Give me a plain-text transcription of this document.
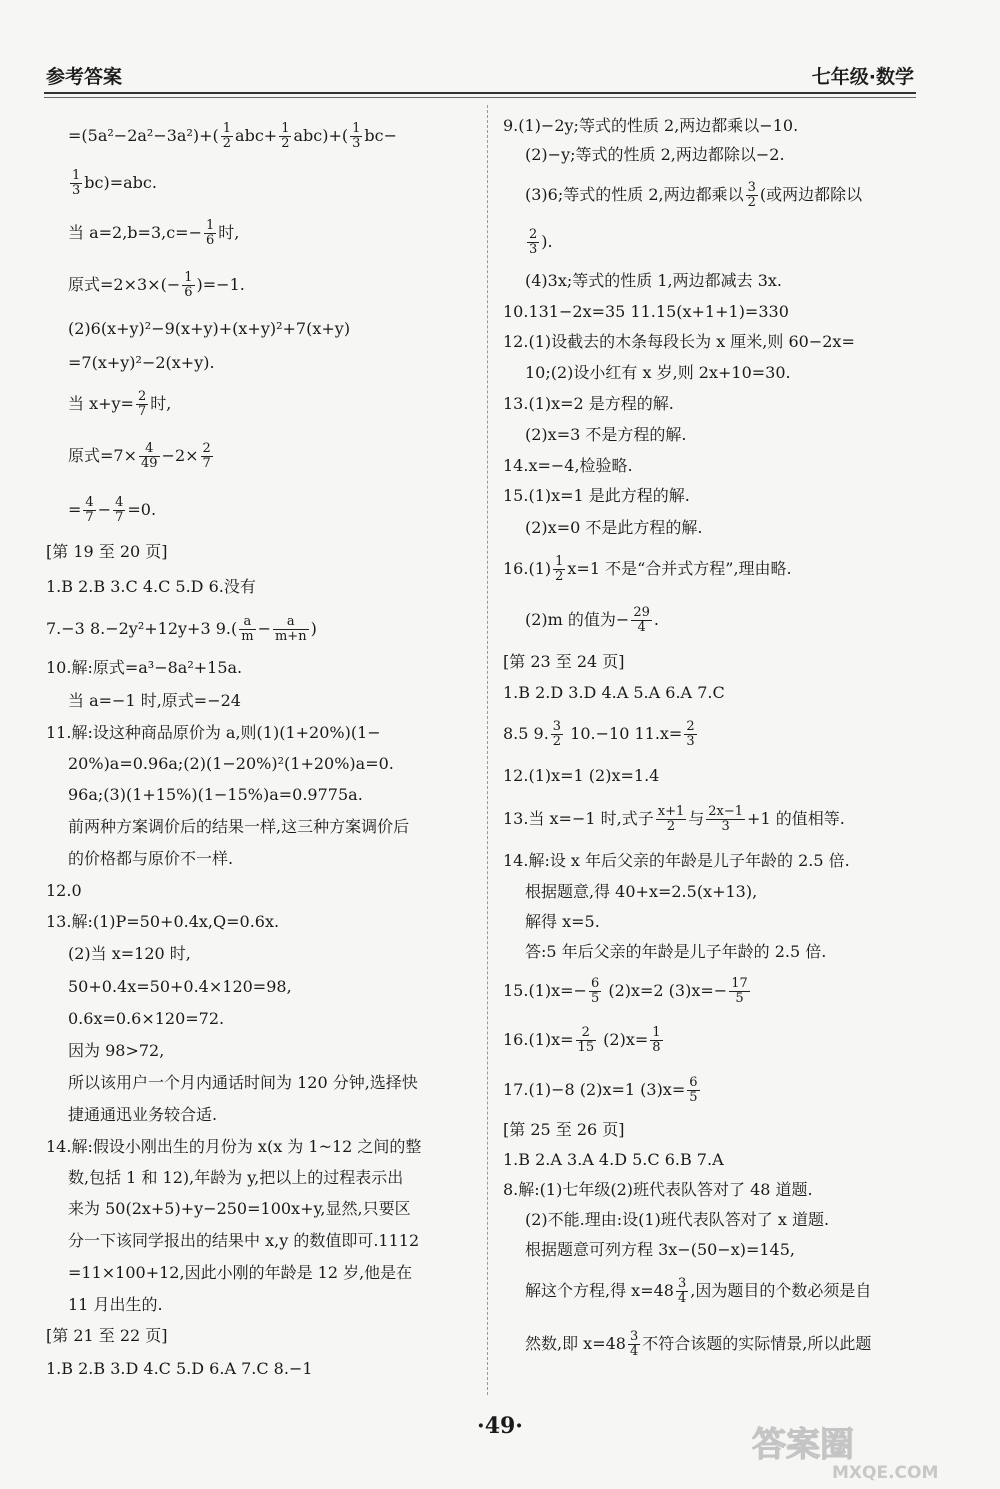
参考答案	七年级·数学

$=(5a^2-2a^2-3a^2)+( \frac{1}{2} abc+ \frac{1}{2} abc)+( \frac{1}{3} bc-$

$\frac{1}{3} bc)=abc$.

当 $a=2,b=3,c=- \frac{1}{6}$ 时,

原式$=2\times 3\times(- \frac{1}{6} )=-1$.

(2)6(x+y)²−9(x+y)+(x+y)²+7(x+y)

=7(x+y)²−2(x+y).

当 $x+y= \frac{2}{7}$ 时,

原式$=7\times \frac{4}{49} -2\times \frac{2}{7}$

= $\frac{4}{7} - \frac{4}{7} =0$.

[第 19 至 20 页]

1.B 2.B 3.C 4.C 5.D 6.没有

7.−3 8.−2y²+12y+3 $9.( \frac{a}{m} - \frac{a}{m+n}$ )

10.解:原式=a³−8a²+15a.

当 a=−1 时,原式=−24

11.解:设这种商品原价为 a,则(1)(1+20%)(1−

20%)a=0.96a;(2)(1−20%)²(1+20%)a=0.

96a;(3)(1+15%)(1−15%)a=0.9775a.

前两种方案调价后的结果一样,这三种方案调价后

的价格都与原价不一样.

12.0

13.解:(1)P=50+0.4x,Q=0.6x.

(2)当 x=120 时,

50+0.4x=50+0.4×120=98,

0.6x=0.6×120=72.

因为 98>72,

所以该用户一个月内通话时间为 120 分钟,选择快

捷通通迅业务较合适.

14.解:假设小刚出生的月份为 x(x 为 1~12 之间的整

数,包括 1 和 12),年龄为 y,把以上的过程表示出

来为 50(2x+5)+y−250=100x+y,显然,只要区

分一下该同学报出的结果中 x,y 的数值即可.1112

=11×100+12,因此小刚的年龄是 12 岁,他是在

11 月出生的.

[第 21 至 22 页]

1.B 2.B 3.D 4.C 5.D 6.A 7.C 8.−1

9.(1)−2y;等式的性质 2,两边都乘以−10.

(2)−y;等式的性质 2,两边都除以−2.

(3)6;等式的性质 2,两边都乘以 $\frac{3}{2}$ (或两边都除以

$\frac{2}{3}$ ).

(4)3x;等式的性质 1,两边都减去 3x.

10.131−2x=35 11.15(x+1+1)=330

12.(1)设截去的木条每段长为 x 厘米,则 60−2x=

10;(2)设小红有 x 岁,则 2x+10=30.

13.(1)x=2 是方程的解.

(2)x=3 不是方程的解.

14.x=−4,检验略.

15.(1)x=1 是此方程的解.

(2)x=0 不是此方程的解.

$16.(1) \frac{1}{2} x=1$ 不是“合并式方程”,理由略.

(2)m 的值为− $\frac{29}{4}$ .

[第 23 至 24 页]

1.B 2.D 3.D 4.A 5.A 6.A 7.C

8.5 9. $\frac{3}{2} 10.-10$ $11.x= \frac{2}{3}$

12.(1)x=1 (2)x=1.4

13.当 x=−1 时,式子 $\frac{x+1}{2}$ 与 $\frac{2x-1}{3} +1$ 的值相等.

14.解:设 x 年后父亲的年龄是儿子年龄的 2.5 倍.

根据题意,得 40+x=2.5(x+13),

解得 x=5.

答:5 年后父亲的年龄是儿子年龄的 2.5 倍.

$15.(1)x=- \frac{6}{5} (2)x=2$ $(3)x=- \frac{17}{5}$

$16.(1)x= \frac{2}{15} (2)x= \frac{1}{8}$

17.(1)−8 (2)x=1 $(3)x= \frac{6}{5}$

[第 25 至 26 页]

1.B 2.A 3.A 4.D 5.C 6.B 7.A

8.解:(1)七年级(2)班代表队答对了 48 道题.

(2)不能.理由:设(1)班代表队答对了 x 道题.

根据题意可列方程 3x−(50−x)=145,

解这个方程,得 $x=48 \frac{3}{4}$ ,因为题目的个数必须是自

然数,即 $x=48 \frac{3}{4}$ 不符合该题的实际情景,所以此题

·49·	答案圈
MXQE.COM
